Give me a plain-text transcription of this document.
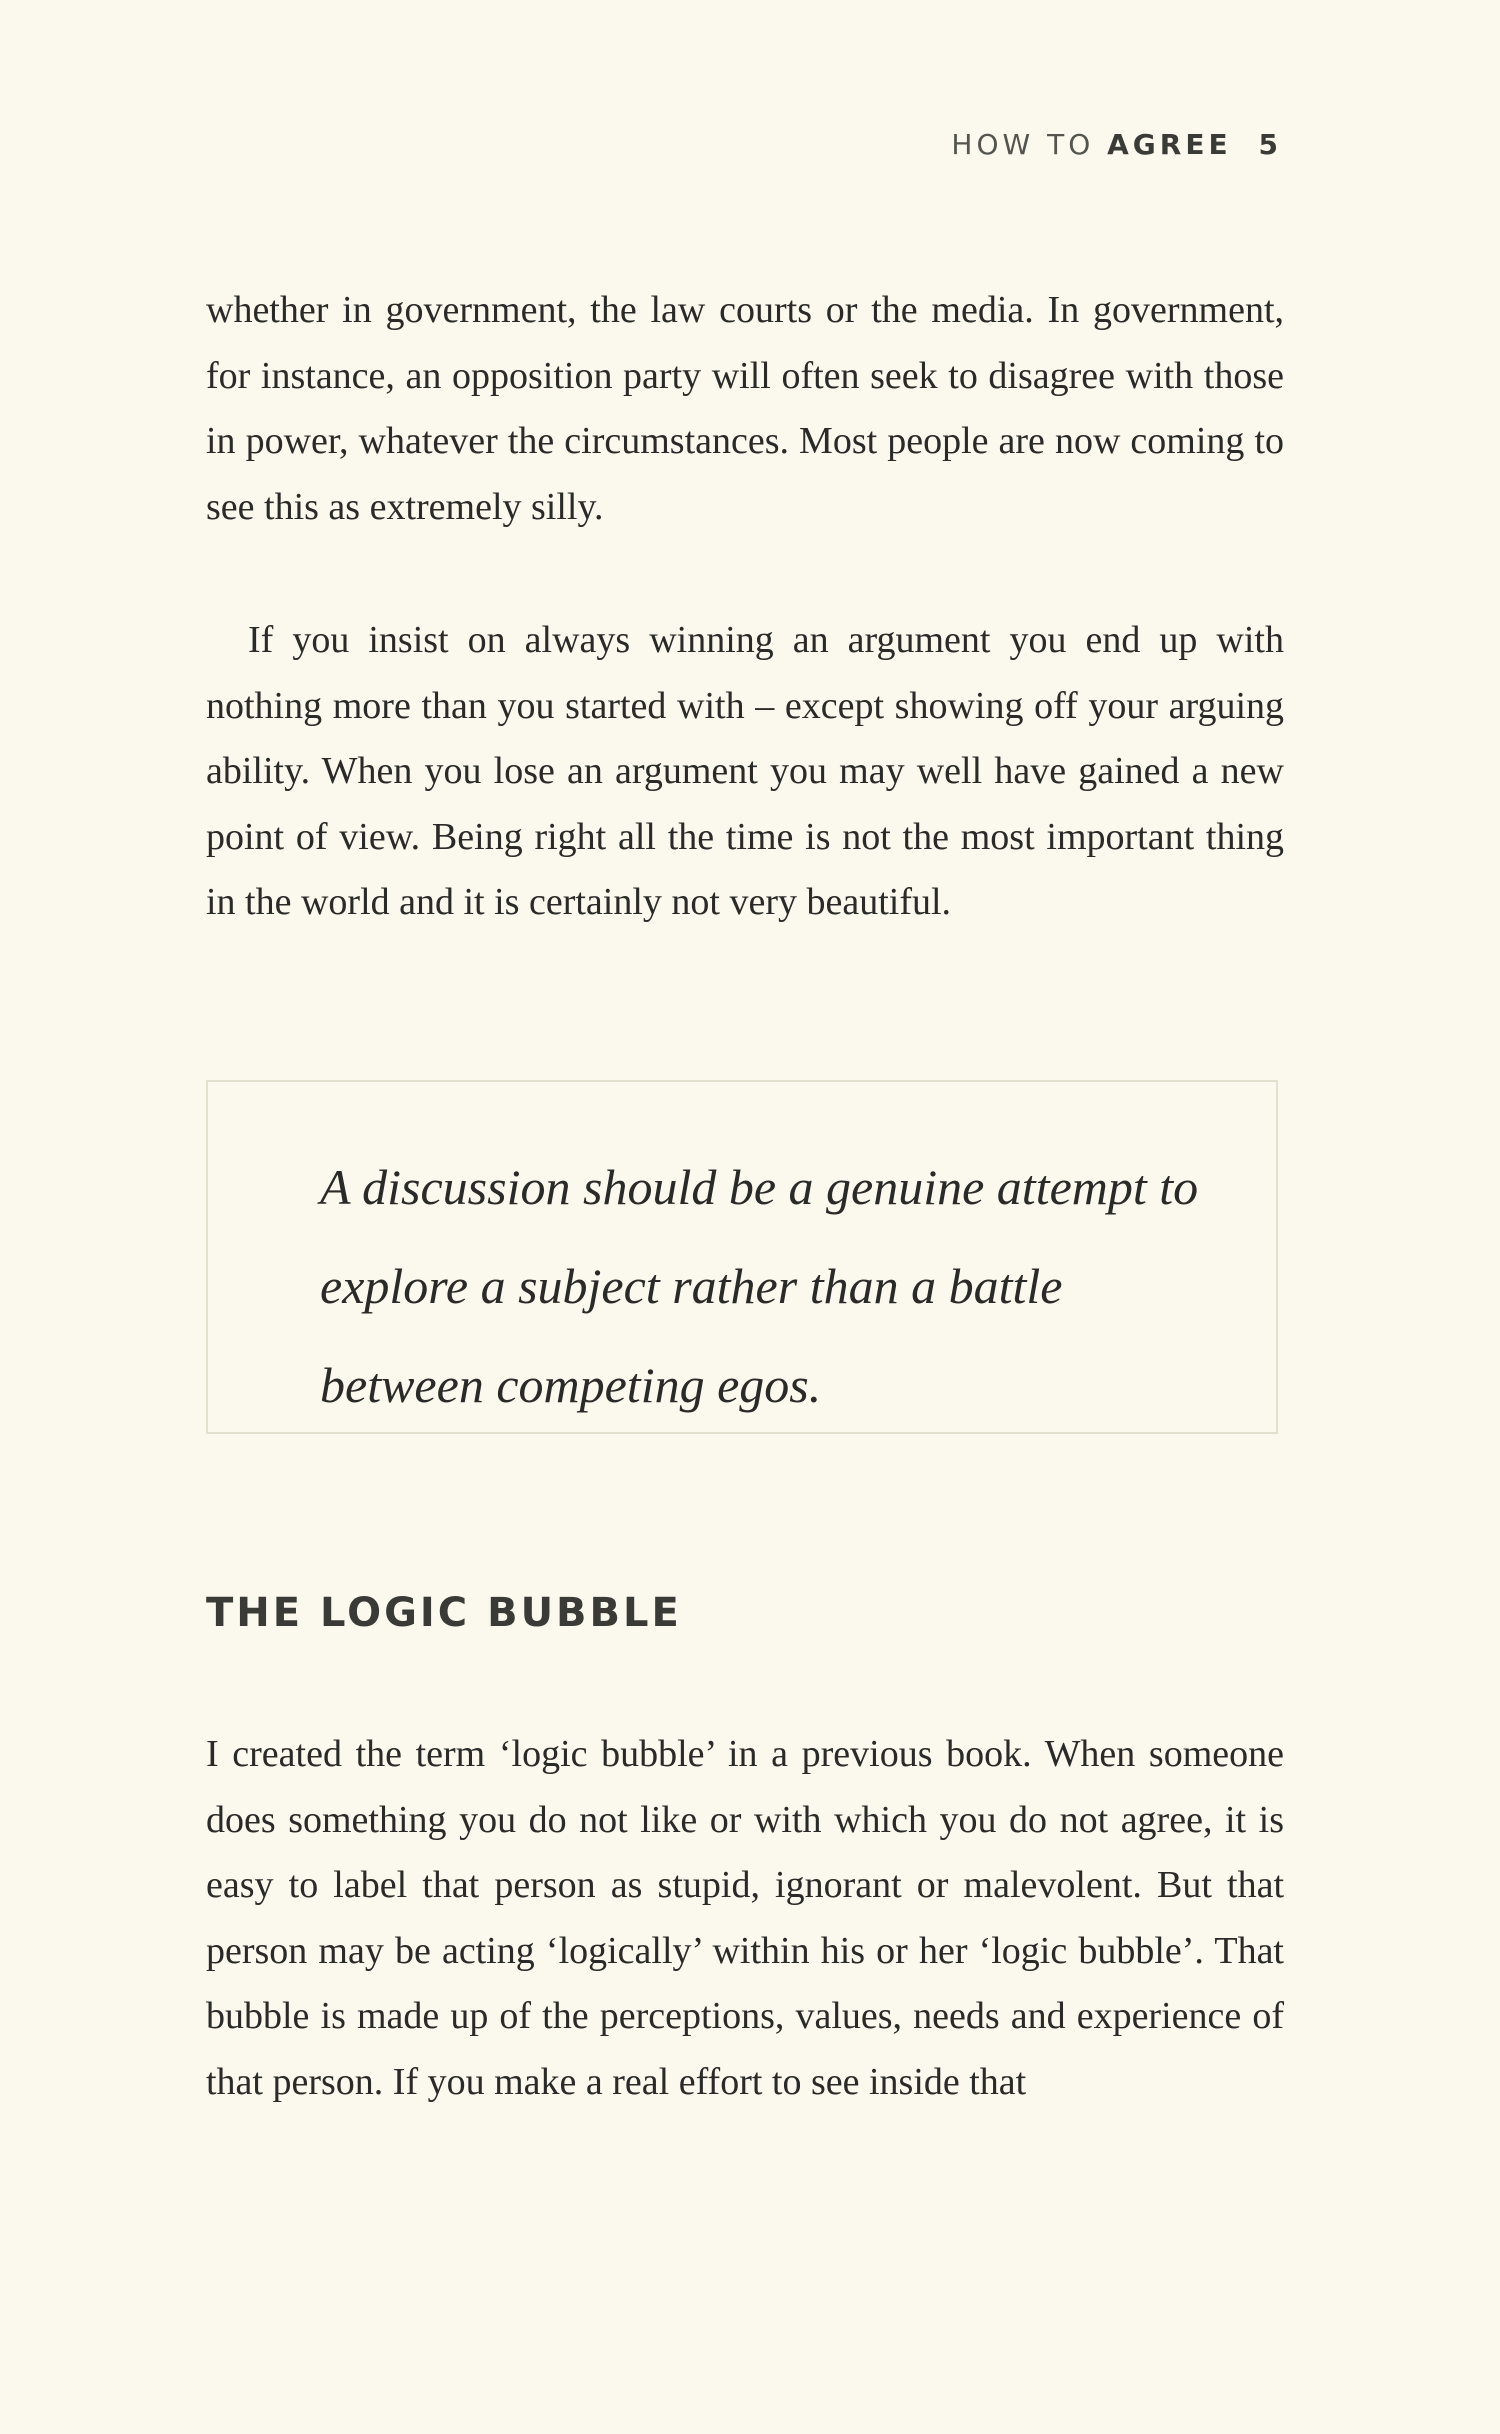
HOW TO AGREE 5
whether in government, the law courts or the media. In government, for instance, an opposition party will often seek to disagree with those in power, whatever the circumstances. Most people are now coming to see this as extremely silly.
If you insist on always winning an argument you end up with nothing more than you started with – except showing off your arguing ability. When you lose an argument you may well have gained a new point of view. Being right all the time is not the most important thing in the world and it is certainly not very beautiful.
A discussion should be a genuine attempt to explore a subject rather than a battle between competing egos.
THE LOGIC BUBBLE
I created the term ‘logic bubble’ in a previous book. When someone does something you do not like or with which you do not agree, it is easy to label that person as stupid, ignorant or malevolent. But that person may be acting ‘logically’ within his or her ‘logic bubble’. That bubble is made up of the perceptions, values, needs and experience of that person. If you make a real effort to see inside that
